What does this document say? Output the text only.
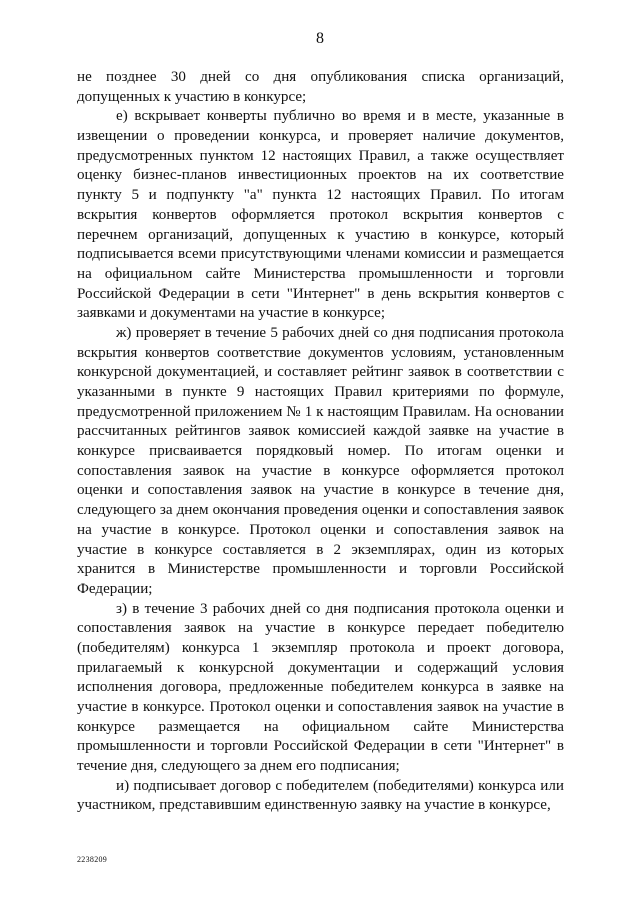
8
не позднее 30 дней со дня опубликования списка организаций,
допущенных к участию в конкурсе;
е) вскрывает конверты публично во время и в месте, указанные в
извещении о проведении конкурса, и проверяет наличие документов,
предусмотренных пунктом 12 настоящих Правил, а также осуществляет
оценку бизнес-планов инвестиционных проектов на их соответствие
пункту 5 и подпункту "а" пункта 12 настоящих Правил. По итогам
вскрытия конвертов оформляется протокол вскрытия конвертов с
перечнем организаций, допущенных к участию в конкурсе, который
подписывается всеми присутствующими членами комиссии и размещается
на официальном сайте Министерства промышленности и торговли
Российской Федерации в сети "Интернет" в день вскрытия конвертов с
заявками и документами на участие в конкурсе;
ж) проверяет в течение 5 рабочих дней со дня подписания протокола
вскрытия конвертов соответствие документов условиям, установленным
конкурсной документацией, и составляет рейтинг заявок в соответствии с
указанными в пункте 9 настоящих Правил критериями по формуле,
предусмотренной приложением № 1 к настоящим Правилам. На основании
рассчитанных рейтингов заявок комиссией каждой заявке на участие в
конкурсе присваивается порядковый номер. По итогам оценки и
сопоставления заявок на участие в конкурсе оформляется протокол
оценки и сопоставления заявок на участие в конкурсе в течение дня,
следующего за днем окончания проведения оценки и сопоставления заявок
на участие в конкурсе. Протокол оценки и сопоставления заявок на
участие в конкурсе составляется в 2 экземплярах, один из которых
хранится в Министерстве промышленности и торговли Российской
Федерации;
з) в течение 3 рабочих дней со дня подписания протокола оценки и
сопоставления заявок на участие в конкурсе передает победителю
(победителям) конкурса 1 экземпляр протокола и проект договора,
прилагаемый к конкурсной документации и содержащий условия
исполнения договора, предложенные победителем конкурса в заявке на
участие в конкурсе. Протокол оценки и сопоставления заявок на участие в
конкурсе размещается на официальном сайте Министерства
промышленности и торговли Российской Федерации в сети "Интернет" в
течение дня, следующего за днем его подписания;
и) подписывает договор с победителем (победителями) конкурса или
участником, представившим единственную заявку на участие в конкурсе,
2238209
